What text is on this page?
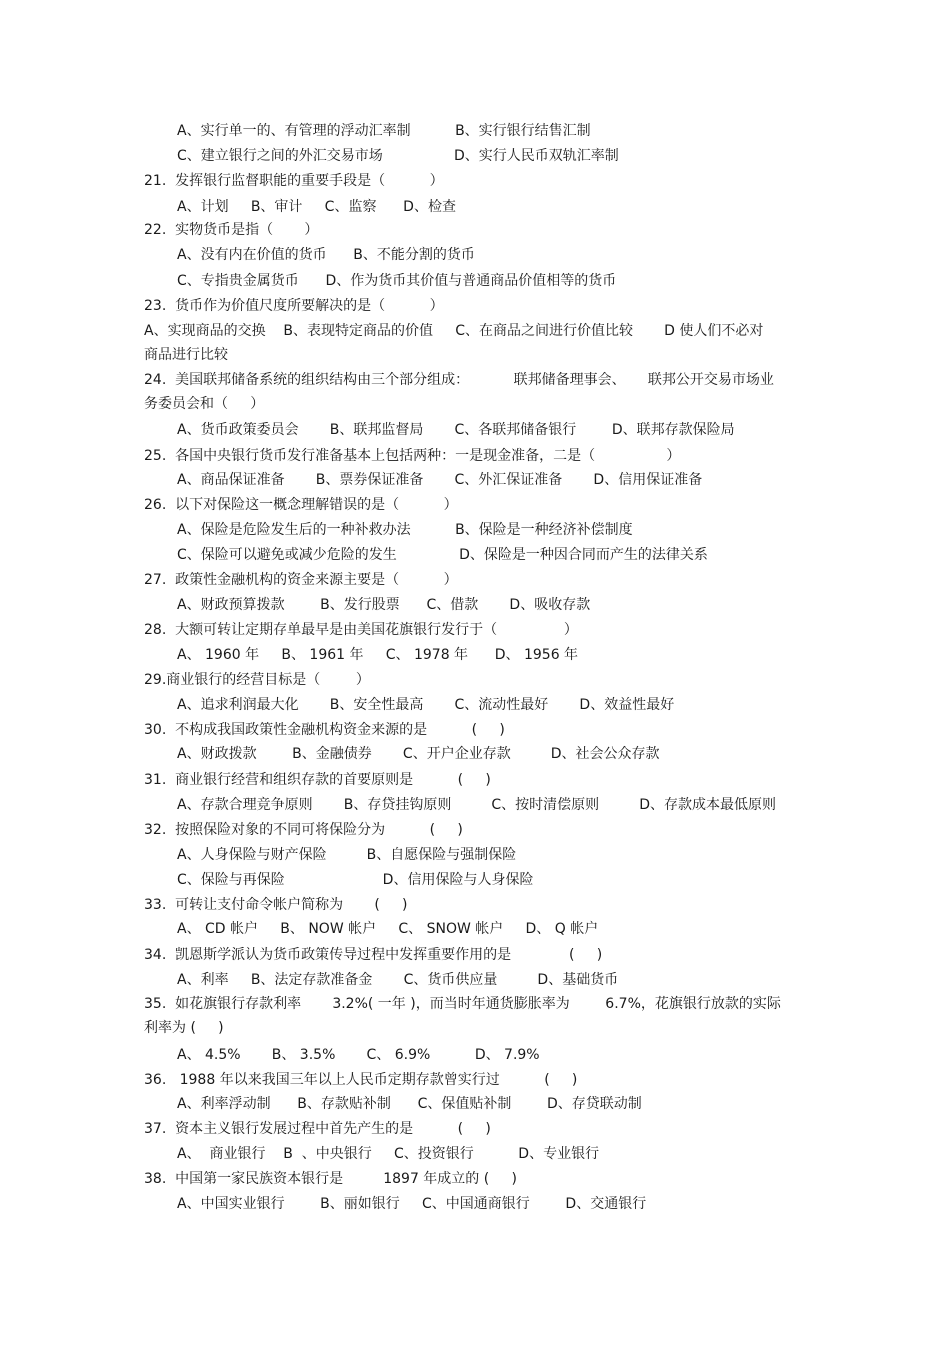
A、实行单一的、有管理的浮动汇率制          B、实行银行结售汇制
C、建立银行之间的外汇交易市场                D、实行人民币双轨汇率制
21.  发挥银行监督职能的重要手段是（          ）
A、计划     B、审计     C、监察      D、检查
22.  实物货币是指（       ）
A、没有内在价值的货币      B、不能分割的货币
C、专指贵金属货币      D、作为货币其价值与普通商品价值相等的货币
23.  货币作为价值尺度所要解决的是（          ）
A、实现商品的交换    B、表现特定商品的价值     C、在商品之间进行价值比较       D 使人们不必对
商品进行比较
24.  美国联邦储备系统的组织结构由三个部分组成：          联邦储备理事会、     联邦公开交易市场业
务委员会和（     ）
A、货币政策委员会       B、联邦监督局       C、各联邦储备银行        D、联邦存款保险局
25.  各国中央银行货币发行准备基本上包括两种：一是现金准备，二是（                ）
A、商品保证准备       B、票券保证准备       C、外汇保证准备       D、信用保证准备
26.  以下对保险这一概念理解错误的是（          ）
A、保险是危险发生后的一种补救办法          B、保险是一种经济补偿制度
C、保险可以避免或减少危险的发生              D、保险是一种因合同而产生的法律关系
27.  政策性金融机构的资金来源主要是（          ）
A、财政预算拨款        B、发行股票      C、借款       D、吸收存款
28.  大额可转让定期存单最早是由美国花旗银行发行于（               ）
A、 1960 年     B、 1961 年     C、 1978 年      D、 1956 年
29.商业银行的经营目标是（        ）
A、追求利润最大化       B、安全性最高       C、流动性最好       D、效益性最好
30.  不构成我国政策性金融机构资金来源的是          (     )
A、财政拨款        B、金融债券       C、开户企业存款         D、社会公众存款
31.  商业银行经营和组织存款的首要原则是          (     )
A、存款合理竞争原则       B、存贷挂钩原则         C、按时清偿原则         D、存款成本最低原则
32.  按照保险对象的不同可将保险分为          (     )
A、人身保险与财产保险         B、自愿保险与强制保险
C、保险与再保险                      D、信用保险与人身保险
33.  可转让支付命令帐户简称为       (     )
A、 CD 帐户     B、 NOW 帐户     C、 SNOW 帐户     D、 Q 帐户
34.  凯恩斯学派认为货币政策传导过程中发挥重要作用的是             (     )
A、利率     B、法定存款准备金       C、货币供应量         D、基础货币
35.  如花旗银行存款利率       3.2%( 一年 )，而当时年通货膨胀率为        6.7%，花旗银行放款的实际
利率为 (     )
A、 4.5%       B、 3.5%       C、 6.9%          D、 7.9%
36.   1988 年以来我国三年以上人民币定期存款曾实行过          (     )
A、利率浮动制      B、存款贴补制      C、保值贴补制        D、存贷联动制
37.  资本主义银行发展过程中首先产生的是          (     )
A、  商业银行    B  、中央银行     C、投资银行          D、专业银行
38.  中国第一家民族资本银行是         1897 年成立的 (     )
A、中国实业银行        B、丽如银行     C、中国通商银行        D、交通银行
